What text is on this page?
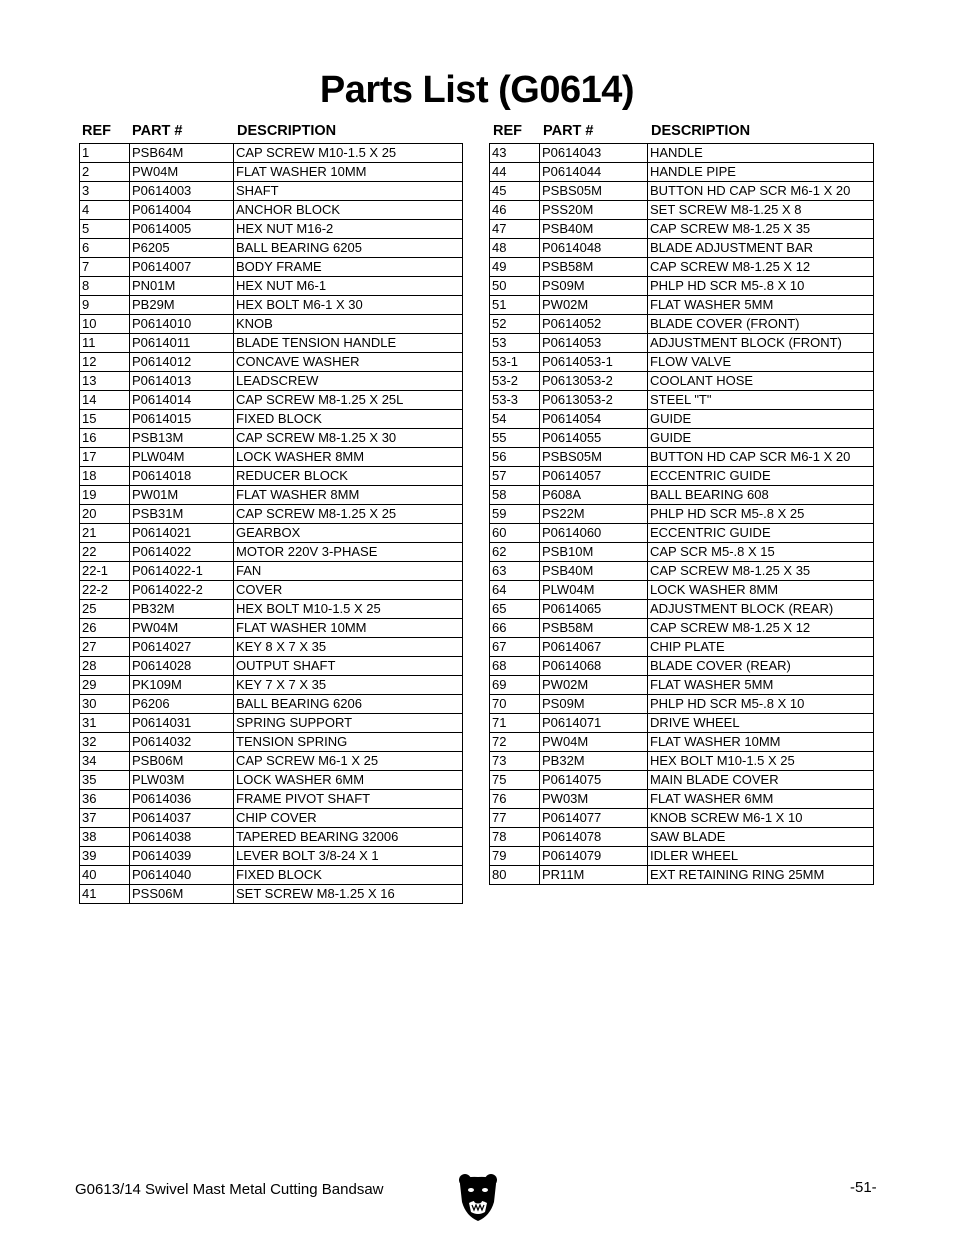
Parts List (G0614)
REF PART #	DESCRIPTION
1	PSB64M	CAP SCREW M10-1.5 X 25
2	PW04M	FLAT WASHER 10MM
3	P0614003	SHAFT
4	P0614004	ANCHOR BLOCK
5	P0614005	HEX NUT M16-2
6	P6205	BALL BEARING 6205
7	P0614007	BODY FRAME
8	PN01M	HEX NUT M6-1
9	PB29M	HEX BOLT M6-1 X 30
10	P0614010	KNOB
11	P0614011	BLADE TENSION HANDLE
12	P0614012	CONCAVE WASHER
13	P0614013	LEADSCREW
14	P0614014	CAP SCREW M8-1.25 X 25L
15	P0614015	FIXED BLOCK
16	PSB13M	CAP SCREW M8-1.25 X 30
17	PLW04M	LOCK WASHER 8MM
18	P0614018	REDUCER BLOCK
19	PW01M	FLAT WASHER 8MM
20	PSB31M	CAP SCREW M8-1.25 X 25
21	P0614021	GEARBOX
22	P0614022	MOTOR 220V 3-PHASE
22-1	P0614022-1	FAN
22-2	P0614022-2	COVER
25	PB32M	HEX BOLT M10-1.5 X 25
26	PW04M	FLAT WASHER 10MM
27	P0614027	KEY 8 X 7 X 35
28	P0614028	OUTPUT SHAFT
29	PK109M	KEY 7 X 7 X 35
30	P6206	BALL BEARING 6206
31	P0614031	SPRING SUPPORT
32	P0614032	TENSION SPRING
34	PSB06M	CAP SCREW M6-1 X 25
35	PLW03M	LOCK WASHER 6MM
36	P0614036	FRAME PIVOT SHAFT
37	P0614037	CHIP COVER
38	P0614038	TAPERED BEARING 32006
39	P0614039	LEVER BOLT 3/8-24 X 1
40	P0614040	FIXED BLOCK
41	PSS06M	SET SCREW M8-1.25 X 16
REF PART #	DESCRIPTION
43	P0614043	HANDLE
44	P0614044	HANDLE PIPE
45	PSBS05M	BUTTON HD CAP SCR M6-1 X 20
46	PSS20M	SET SCREW M8-1.25 X 8
47	PSB40M	CAP SCREW M8-1.25 X 35
48	P0614048	BLADE ADJUSTMENT BAR
49	PSB58M	CAP SCREW M8-1.25 X 12
50	PS09M	PHLP HD SCR M5-.8 X 10
51	PW02M	FLAT WASHER 5MM
52	P0614052	BLADE COVER (FRONT)
53	P0614053	ADJUSTMENT BLOCK (FRONT)
53-1	P0614053-1	FLOW VALVE
53-2	P0613053-2	COOLANT HOSE
53-3	P0613053-2	STEEL "T"
54	P0614054	GUIDE
55	P0614055	GUIDE
56	PSBS05M	BUTTON HD CAP SCR M6-1 X 20
57	P0614057	ECCENTRIC GUIDE
58	P608A	BALL BEARING 608
59	PS22M	PHLP HD SCR M5-.8 X 25
60	P0614060	ECCENTRIC GUIDE
62	PSB10M	CAP SCR M5-.8 X 15
63	PSB40M	CAP SCREW M8-1.25 X 35
64	PLW04M	LOCK WASHER 8MM
65	P0614065	ADJUSTMENT BLOCK (REAR)
66	PSB58M	CAP SCREW M8-1.25 X 12
67	P0614067	CHIP PLATE
68	P0614068	BLADE COVER (REAR)
69	PW02M	FLAT WASHER 5MM
70	PS09M	PHLP HD SCR M5-.8 X 10
71	P0614071	DRIVE WHEEL
72	PW04M	FLAT WASHER 10MM
73	PB32M	HEX BOLT M10-1.5 X 25
75	P0614075	MAIN BLADE COVER
76	PW03M	FLAT WASHER 6MM
77	P0614077	KNOB SCREW M6-1 X 10
78	P0614078	SAW BLADE
79	P0614079	IDLER WHEEL
80	PR11M	EXT RETAINING RING 25MM
G0613/14 Swivel Mast Metal Cutting Bandsaw	-51-
